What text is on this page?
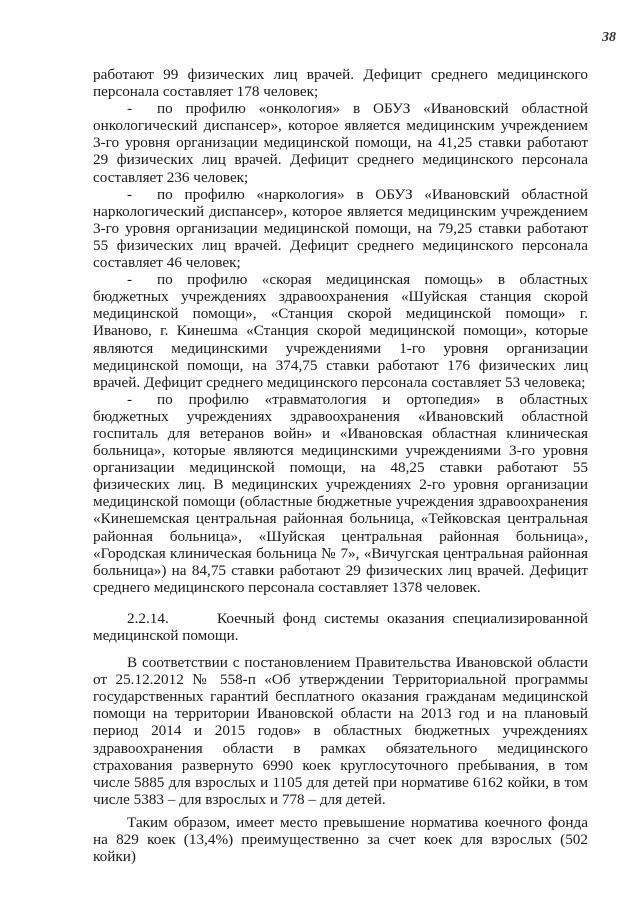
38

работают 99 физических лиц врачей. Дефицит среднего медицинского персонала составляет 178 человек;

- по профилю «онкология» в ОБУЗ «Ивановский областной онкологический диспансер», которое является медицинским учреждением 3-го уровня организации медицинской помощи, на 41,25 ставки работают 29 физических лиц врачей. Дефицит среднего медицинского персонала составляет 236 человек;

- по профилю «наркология» в ОБУЗ «Ивановский областной наркологический диспансер», которое является медицинским учреждением 3-го уровня организации медицинской помощи, на 79,25 ставки работают 55 физических лиц врачей. Дефицит среднего медицинского персонала составляет 46 человек;

- по профилю «скорая медицинская помощь» в областных бюджетных учреждениях здравоохранения «Шуйская станция скорой медицинской помощи», «Станция скорой медицинской помощи» г. Иваново, г. Кинешма «Станция скорой медицинской помощи», которые являются медицинскими учреждениями 1-го уровня организации медицинской помощи, на 374,75 ставки работают 176 физических лиц врачей. Дефицит среднего медицинского персонала составляет 53 человека;

- по профилю «травматология и ортопедия» в областных бюджетных учреждениях здравоохранения «Ивановский областной госпиталь для ветеранов войн» и «Ивановская областная клиническая больница», которые являются медицинскими учреждениями 3-го уровня организации медицинской помощи, на 48,25 ставки работают 55 физических лиц. В медицинских учреждениях 2-го уровня организации медицинской помощи (областные бюджетные учреждения здравоохранения «Кинешемская центральная районная больница, «Тейковская центральная районная больница», «Шуйская центральная районная больница», «Городская клиническая больница № 7», «Вичугская центральная районная больница») на 84,75 ставки работают 29 физических лиц врачей. Дефицит среднего медицинского персонала составляет 1378 человек.

2.2.14.	Коечный фонд системы оказания специализированной медицинской помощи.

В соответствии с постановлением Правительства Ивановской области от 25.12.2012 № 558-п «Об утверждении Территориальной программы государственных гарантий бесплатного оказания гражданам медицинской помощи на территории Ивановской области на 2013 год и на плановый период 2014 и 2015 годов» в областных бюджетных учреждениях здравоохранения области в рамках обязательного медицинского страхования развернуто 6990 коек круглосуточного пребывания, в том числе 5885 для взрослых и 1105 для детей при нормативе 6162 койки, в том числе 5383 – для взрослых и 778 – для детей.

Таким образом, имеет место превышение норматива коечного фонда на 829 коек (13,4%) преимущественно за счет коек для взрослых (502 койки)
